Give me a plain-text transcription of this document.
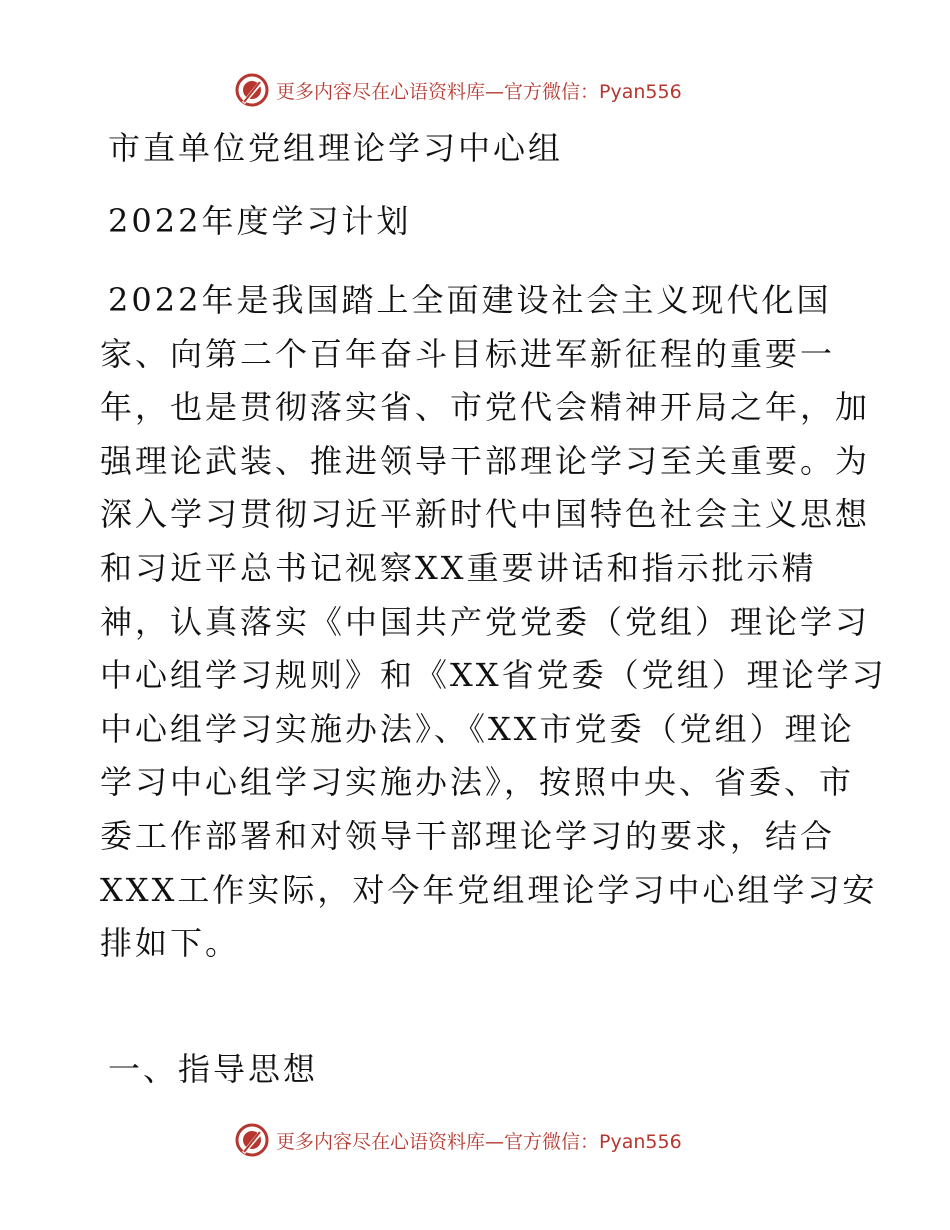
更多内容尽在心语资料库—官方微信：Pyan556
市直单位党组理论学习中心组
2022年度学习计划
2022年是我国踏上全面建设社会主义现代化国
家、向第二个百年奋斗目标进军新征程的重要一
年，也是贯彻落实省、市党代会精神开局之年，加
强理论武装、推进领导干部理论学习至关重要。为
深入学习贯彻习近平新时代中国特色社会主义思想
和习近平总书记视察XX重要讲话和指示批示精
神，认真落实《中国共产党党委（党组）理论学习
中心组学习规则》和《XX省党委（党组）理论学习
中心组学习实施办法》、《XX市党委（党组）理论
学习中心组学习实施办法》，按照中央、省委、市
委工作部署和对领导干部理论学习的要求，结合
XXX工作实际，对今年党组理论学习中心组学习安
排如下。
一、指导思想
更多内容尽在心语资料库—官方微信：Pyan556
